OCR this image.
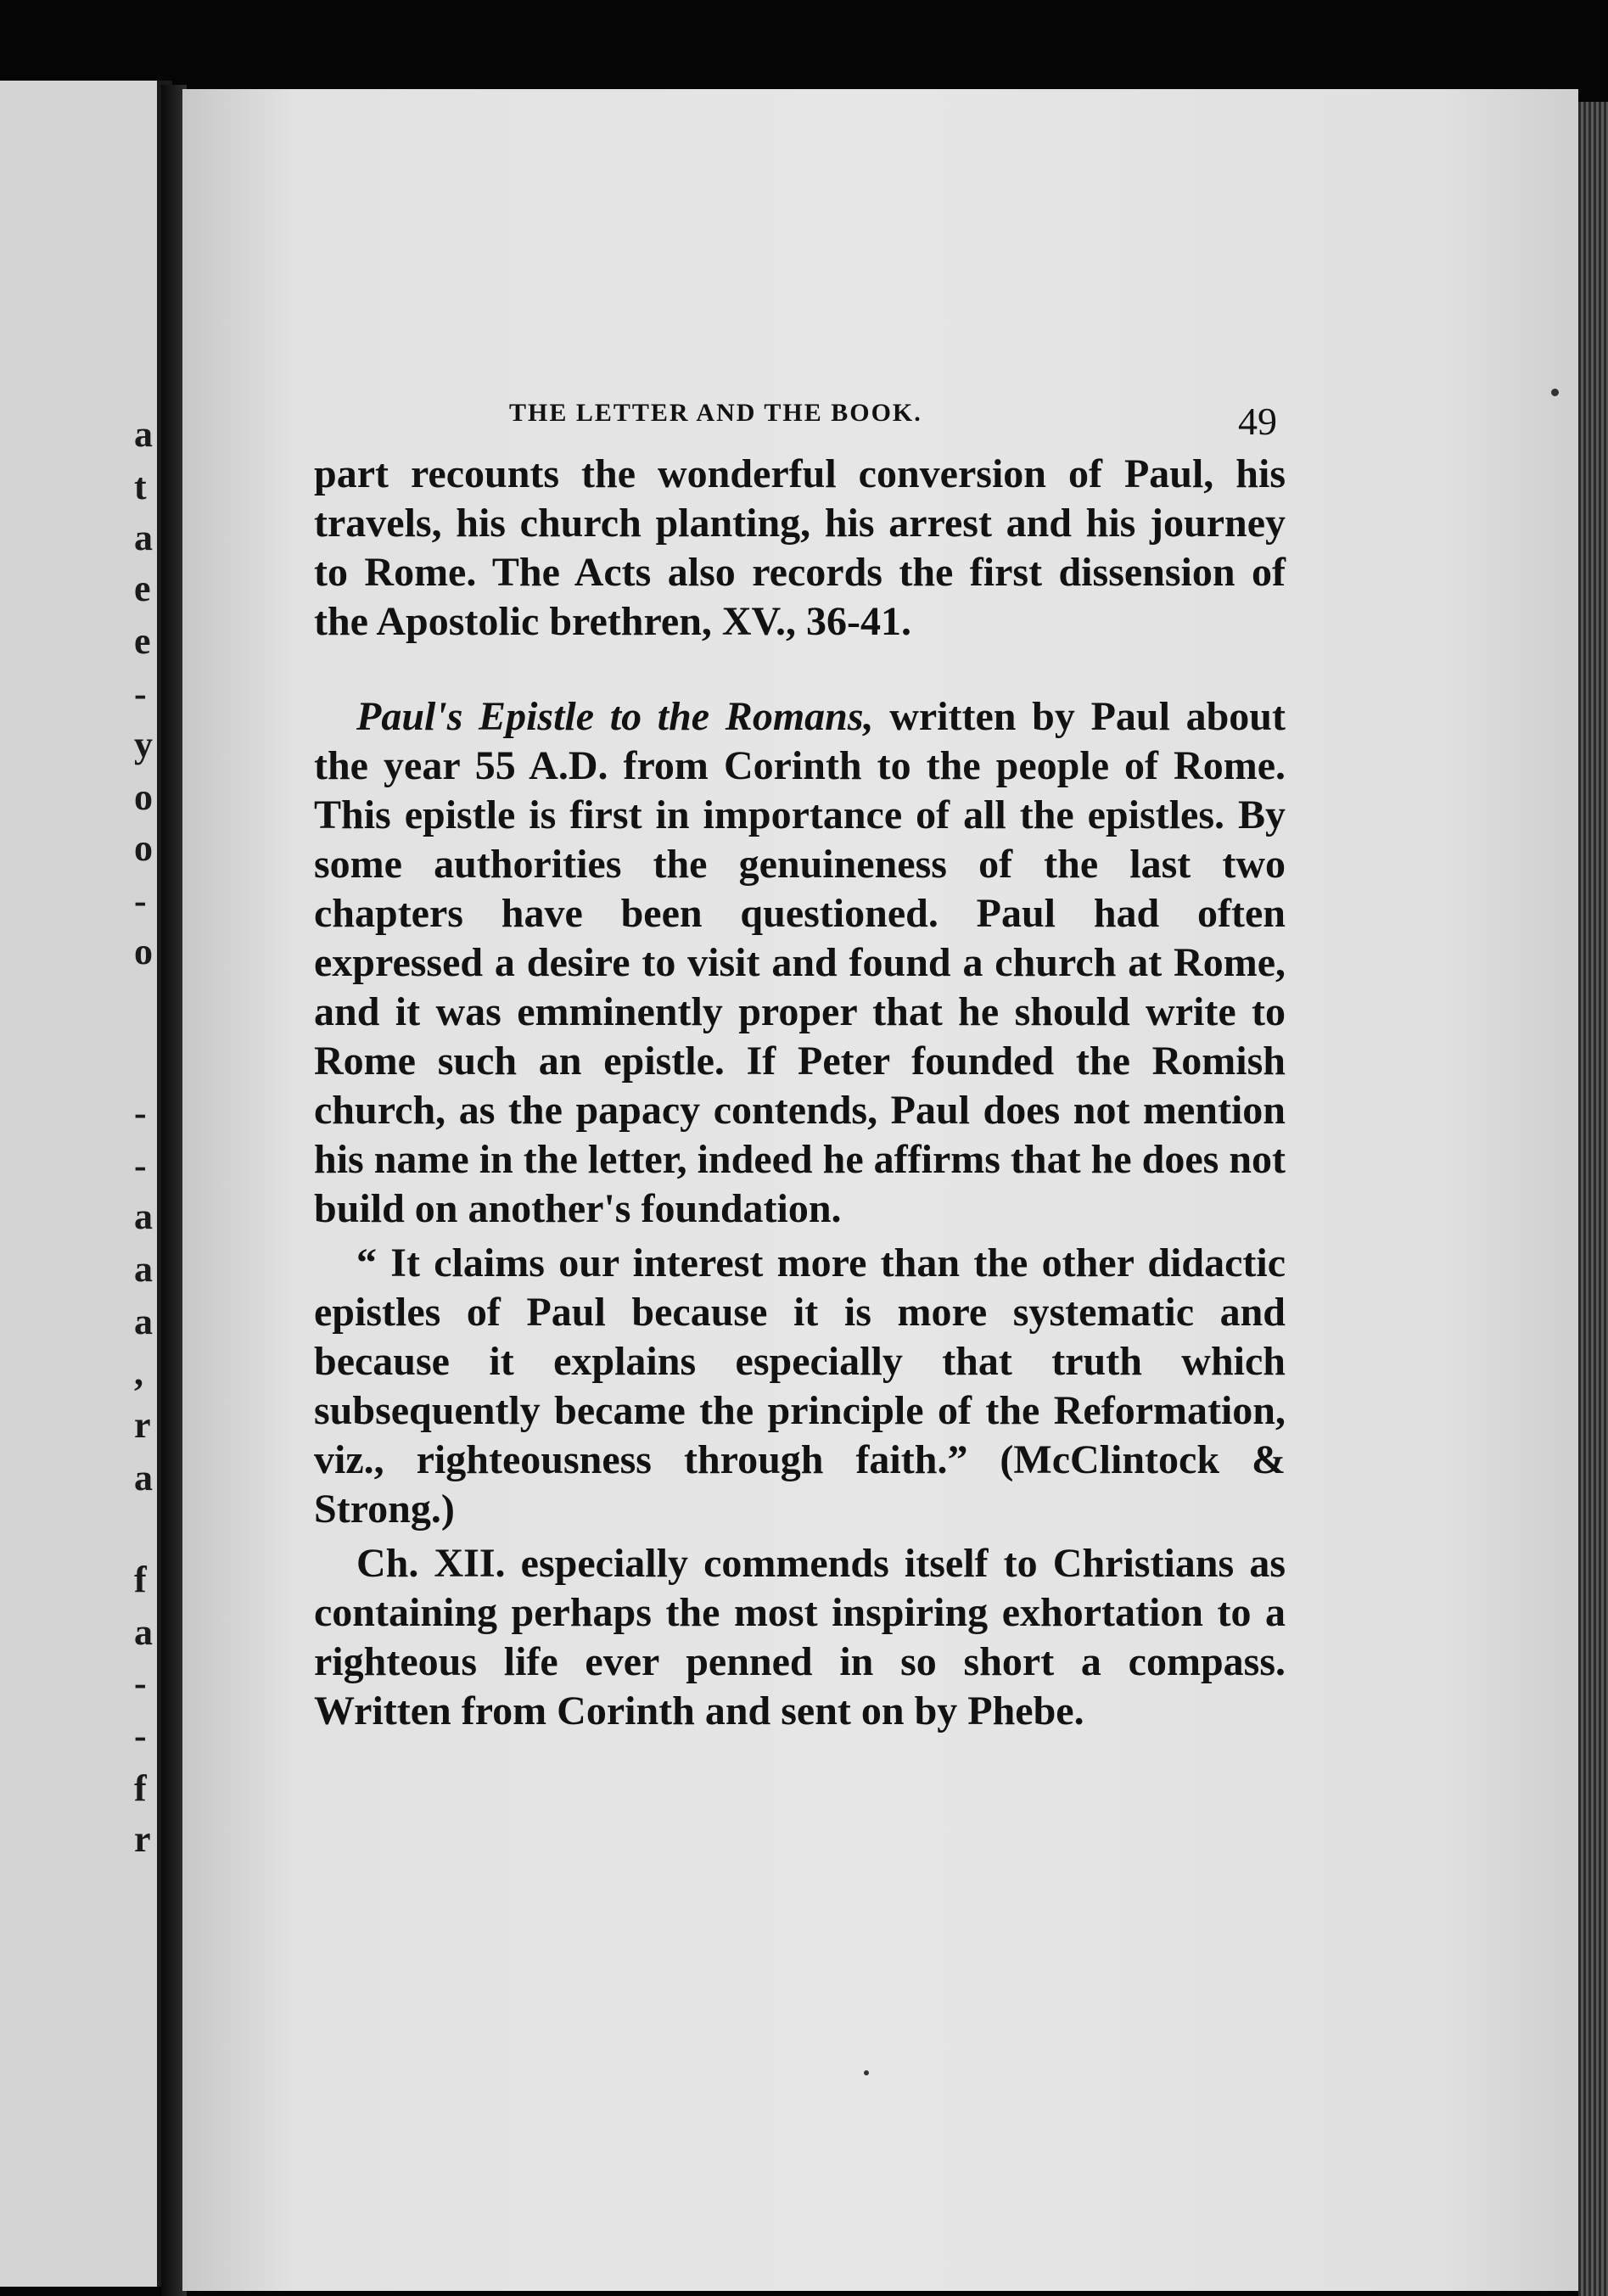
a
t
a
e
e
-
y
o
o
-
o
-
-
a
a
a
,
r
a
f
a
-
-
f
r
THE LETTER AND THE BOOK.	49

part recounts the wonderful conversion of Paul, his travels, his church planting, his arrest and his journey to Rome. The Acts also records the first dissension of the Apostolic brethren, XV., 36-41.

Paul's Epistle to the Romans, written by Paul about the year 55 A.D. from Corinth to the people of Rome. This epistle is first in importance of all the epistles. By some authorities the genuineness of the last two chapters have been questioned. Paul had often expressed a desire to visit and found a church at Rome, and it was emminently proper that he should write to Rome such an epistle. If Peter founded the Romish church, as the papacy contends, Paul does not mention his name in the letter, indeed he affirms that he does not build on another's foundation.

“ It claims our interest more than the other didactic epistles of Paul because it is more systematic and because it explains especially that truth which subsequently became the principle of the Reformation, viz., righteousness through faith.” (McClintock & Strong.)

Ch. XII. especially commends itself to Christians as containing perhaps the most inspiring exhortation to a righteous life ever penned in so short a compass. Written from Corinth and sent on by Phebe.
